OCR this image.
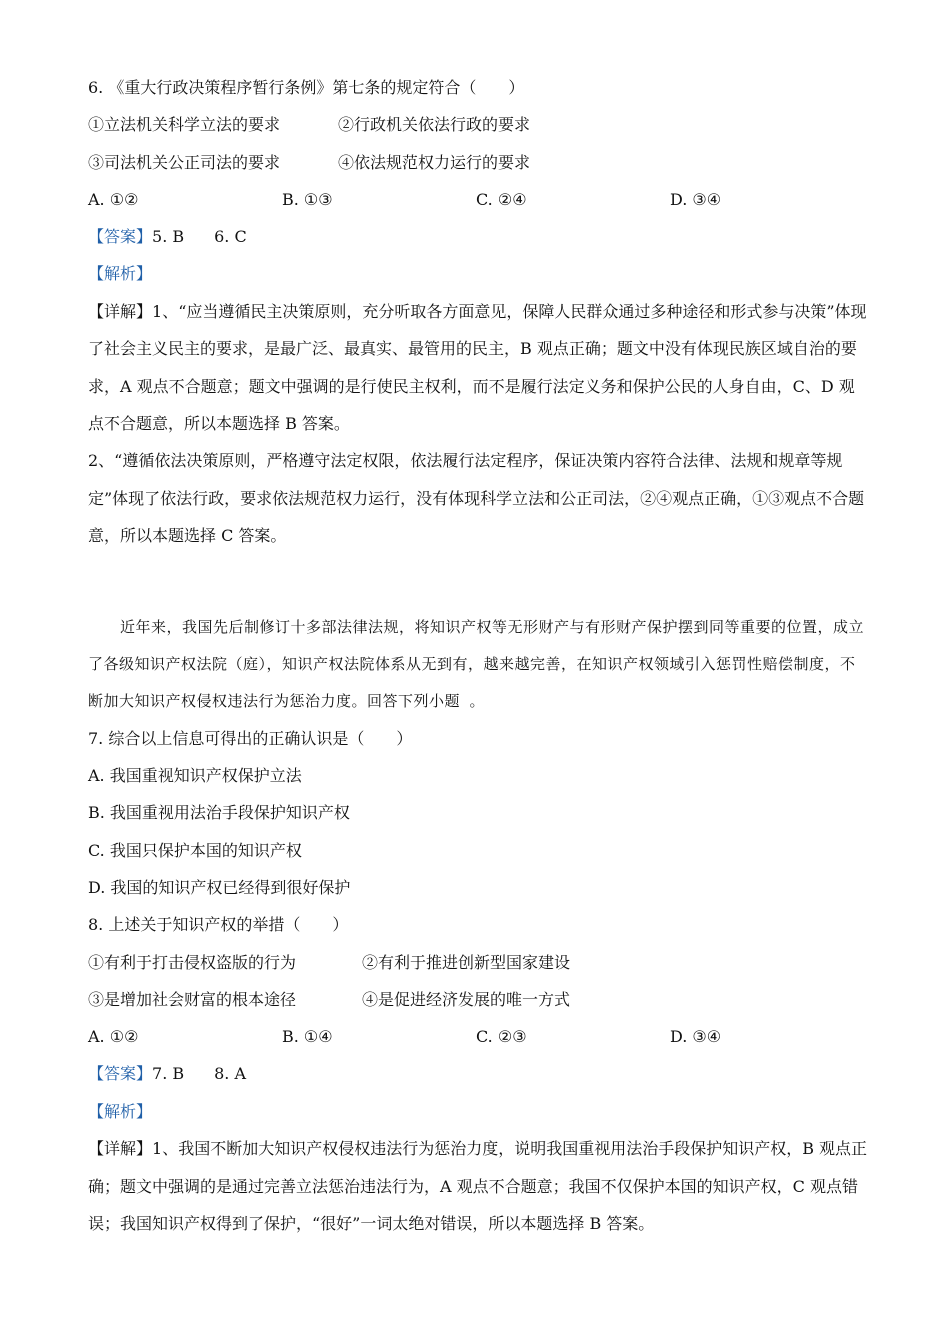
6. 《重大行政决策程序暂行条例》第七条的规定符合（　　）
①立法机关科学立法的要求	②行政机关依法行政的要求
③司法机关公正司法的要求	④依法规范权力运行的要求
A. ①②	B. ①③	C. ②④	D. ③④
【答案】5. B 6. C
【解析】
【详解】1、“应当遵循民主决策原则，充分听取各方面意见，保障人民群众通过多种途径和形式参与决策”体现了社会主义民主的要求，是最广泛、最真实、最管用的民主，B 观点正确；题文中没有体现民族区域自治的要求，A 观点不合题意；题文中强调的是行使民主权利，而不是履行法定义务和保护公民的人身自由，C、D 观点不合题意，所以本题选择 B 答案。
2、“遵循依法决策原则，严格遵守法定权限，依法履行法定程序，保证决策内容符合法律、法规和规章等规定”体现了依法行政，要求依法规范权力运行，没有体现科学立法和公正司法，②④观点正确，①③观点不合题意，所以本题选择 C 答案。
近年来，我国先后制修订十多部法律法规，将知识产权等无形财产与有形财产保护摆到同等重要的位置，成立了各级知识产权法院（庭），知识产权法院体系从无到有，越来越完善，在知识产权领域引入惩罚性赔偿制度，不断加大知识产权侵权违法行为惩治力度。回答下列小题 。
7. 综合以上信息可得出的正确认识是（　　）
A. 我国重视知识产权保护立法
B. 我国重视用法治手段保护知识产权
C. 我国只保护本国的知识产权
D. 我国的知识产权已经得到很好保护
8. 上述关于知识产权的举措（　　）
①有利于打击侵权盗版的行为	②有利于推进创新型国家建设
③是增加社会财富的根本途径	④是促进经济发展的唯一方式
A. ①②	B. ①④	C. ②③	D. ③④
【答案】7. B 8. A
【解析】
【详解】1、我国不断加大知识产权侵权违法行为惩治力度，说明我国重视用法治手段保护知识产权，B 观点正确；题文中强调的是通过完善立法惩治违法行为，A 观点不合题意；我国不仅保护本国的知识产权，C 观点错误；我国知识产权得到了保护，“很好”一词太绝对错误，所以本题选择 B 答案。
